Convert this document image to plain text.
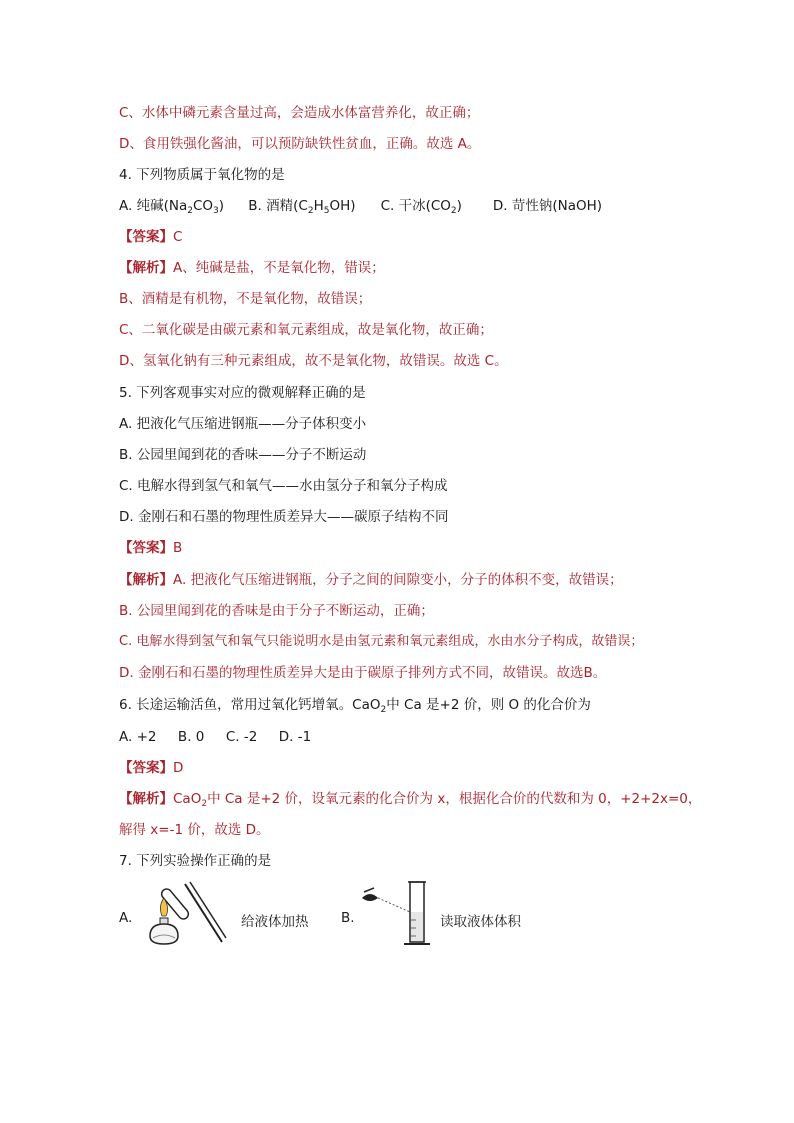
C、水体中磷元素含量过高，会造成水体富营养化，故正确；
D、食用铁强化酱油，可以预防缺铁性贫血，正确。故选 A。
4. 下列物质属于氧化物的是
A. 纯碱(Na2CO3) B. 酒精(C2H5OH) C. 干冰(CO2) D. 苛性钠(NaOH)
【答案】C
【解析】A、纯碱是盐，不是氧化物，错误；
B、酒精是有机物，不是氧化物，故错误；
C、二氧化碳是由碳元素和氧元素组成，故是氧化物，故正确；
D、氢氧化钠有三种元素组成，故不是氧化物，故错误。故选 C。
5. 下列客观事实对应的微观解释正确的是
A. 把液化气压缩进钢瓶——分子体积变小
B. 公园里闻到花的香味——分子不断运动
C. 电解水得到氢气和氧气——水由氢分子和氧分子构成
D. 金刚石和石墨的物理性质差异大——碳原子结构不同
【答案】B
【解析】A. 把液化气压缩进钢瓶，分子之间的间隙变小，分子的体积不变，故错误；
B. 公园里闻到花的香味是由于分子不断运动，正确；
C. 电解水得到氢气和氧气只能说明水是由氢元素和氧元素组成，水由水分子构成，故错误；
D. 金刚石和石墨的物理性质差异大是由于碳原子排列方式不同，故错误。故选B。
6. 长途运输活鱼，常用过氧化钙增氧。CaO$_2$中 Ca 是+2 价，则 O 的化合价为
A. +2     B. 0     C. -2     D. -1
【答案】D
【解析】CaO$_2$中 Ca 是+2 价，设氧元素的化合价为 x，根据化合价的代数和为 0，+2+2x=0，
解得 x=-1 价，故选 D。
7. 下列实验操作正确的是
A.	给液体加热 B.	读取液体体积
